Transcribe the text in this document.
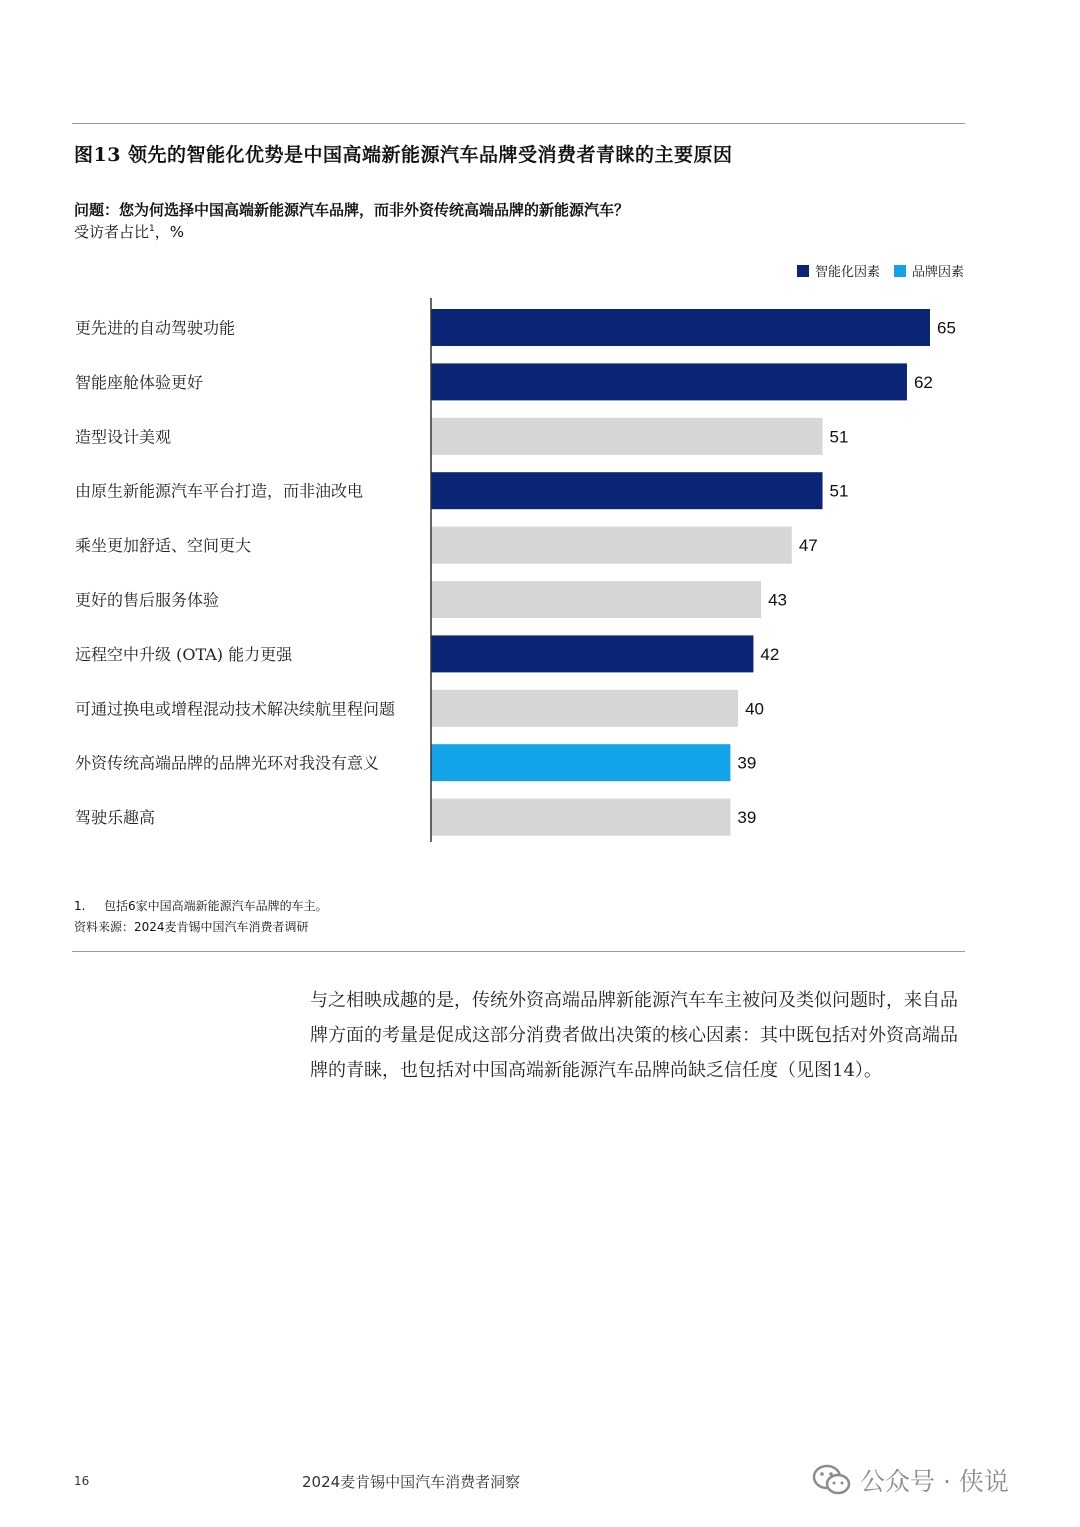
图13 领先的智能化优势是中国高端新能源汽车品牌受消费者青睐的主要原因
问题：您为何选择中国高端新能源汽车品牌，而非外资传统高端品牌的新能源汽车？
受访者占比$^1$，%
智能化因素 品牌因素
65
更先进的自动驾驶功能
62
智能座舱体验更好
51
造型设计美观
51
由原生新能源汽车平台打造，而非油改电
47
乘坐更加舒适、空间更大
43
更好的售后服务体验
42
远程空中升级 (OTA) 能力更强
40
可通过换电或增程混动技术解决续航里程问题
39
外资传统高端品牌的品牌光环对我没有意义
39
驾驶乐趣高
1. 包括6家中国高端新能源汽车品牌的车主。
资料来源：2024麦肯锡中国汽车消费者调研
与之相映成趣的是，传统外资高端品牌新能源汽车车主被问及类似问题时，来自品牌方面的考量是促成这部分消费者做出决策的核心因素：其中既包括对外资高端品牌的青睐，也包括对中国高端新能源汽车品牌尚缺乏信任度（见图14）。
16	2024麦肯锡中国汽车消费者洞察	公众号 · 侠说
